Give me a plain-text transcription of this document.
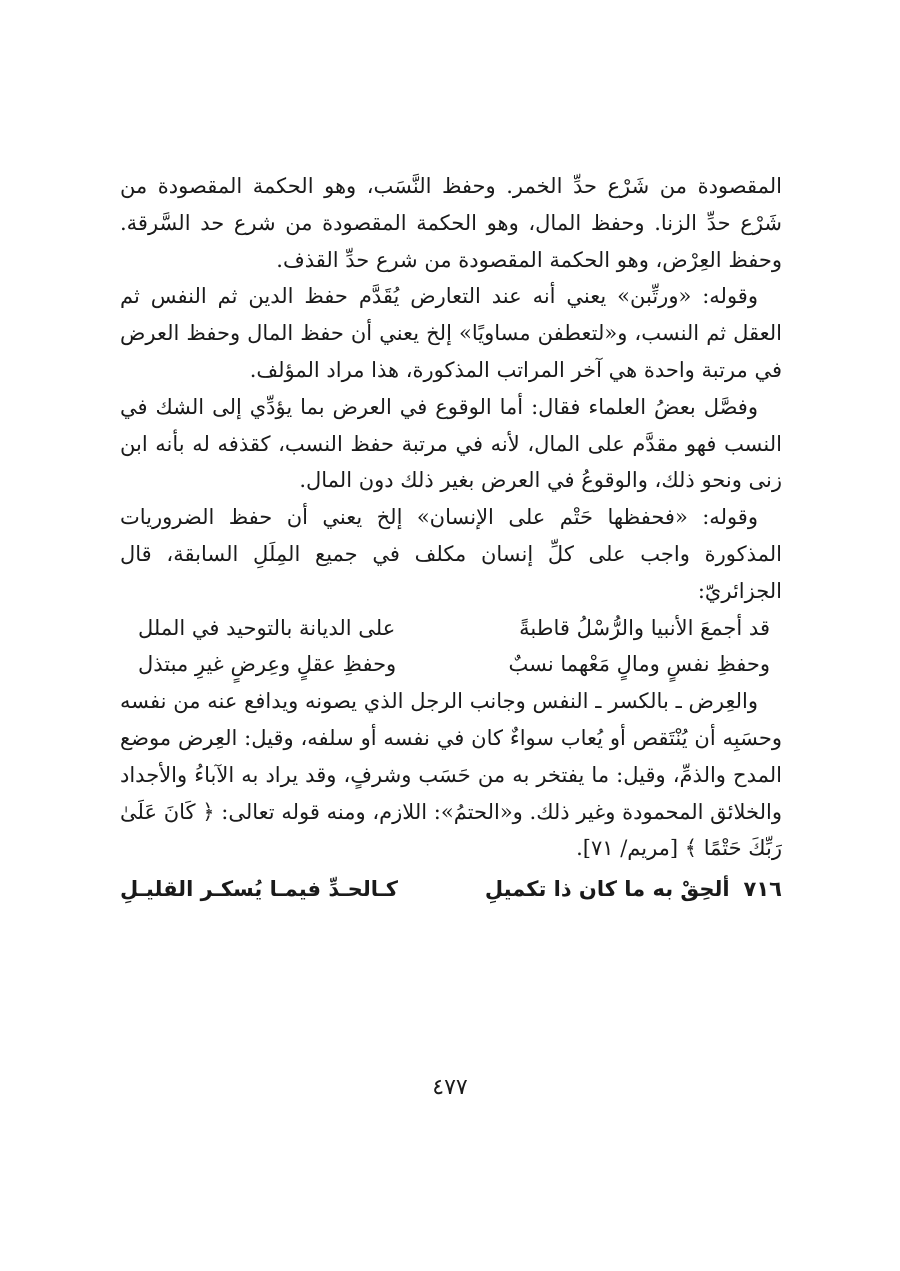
المقصودة من شَرْع حدِّ الخمر. وحفظ النَّسَب، وهو الحكمة المقصودة من شَرْع حدِّ الزنا. وحفظ المال، وهو الحكمة المقصودة من شرع حد السَّرقة. وحفظ العِرْض، وهو الحكمة المقصودة من شرع حدِّ القذف.

وقوله: «ورتِّبن» يعني أنه عند التعارض يُقَدَّم حفظ الدين ثم النفس ثم العقل ثم النسب، و«لتعطفن مساويًا» إلخ يعني أن حفظ المال وحفظ العرض في مرتبة واحدة هي آخر المراتب المذكورة، هذا مراد المؤلف.

وفصَّل بعضُ العلماء فقال: أما الوقوع في العرض بما يؤدِّي إلى الشك في النسب فهو مقدَّم على المال، لأنه في مرتبة حفظ النسب، كقذفه له بأنه ابن زنى ونحو ذلك، والوقوعُ في العرض بغير ذلك دون المال.

وقوله: «فحفظها حَتْم على الإنسان» إلخ يعني أن حفظ الضروريات المذكورة واجب على كلِّ إنسان مكلف في جميع المِلَلِ السابقة، قال الجزائريّ:

قد أجمعَ الأنبيا والرُّسْلُ قاطبةً
على الديانة بالتوحيد في الملل
وحفظِ نفسٍ ومالٍ مَعْهما نسبٌ
وحفظِ عقلٍ وعِرضٍ غيرِ مبتذل

والعِرض ـ بالكسر ـ النفس وجانب الرجل الذي يصونه ويدافع عنه من نفسه وحسَبِه أن يُنْتَقص أو يُعاب سواءٌ كان في نفسه أو سلفه، وقيل: العِرض موضع المدح والذمِّ، وقيل: ما يفتخر به من حَسَب وشرفٍ، وقد يراد به الآباءُ والأجداد والخلائق المحمودة وغير ذلك. و«الحتمُ»: اللازم، ومنه قوله تعالى: ﴿ كَانَ عَلَىٰ رَبِّكَ حَتْمًا ﴾ [مريم/ ٧١].

٧١٦ألحِقْ به ما كان ذا تكميلِ
كـالحـدِّ فيمـا يُسكـر القليـلِ
٤٧٧
